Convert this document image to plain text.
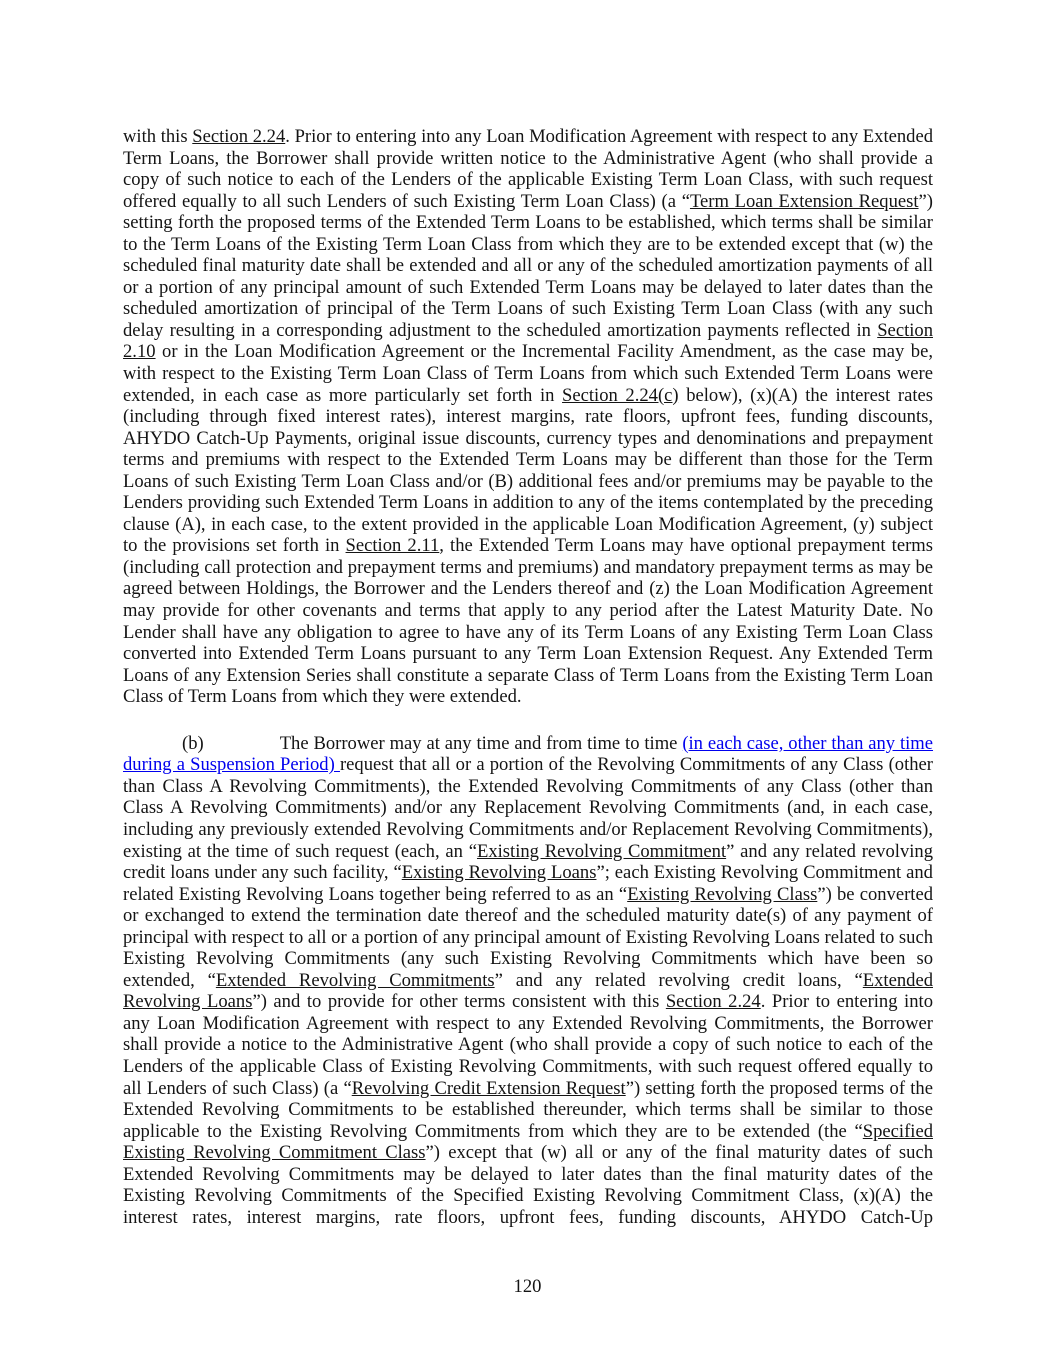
with this Section 2.24. Prior to entering into any Loan Modification Agreement with respect to any Extended Term Loans, the Borrower shall provide written notice to the Administrative Agent (who shall provide a copy of such notice to each of the Lenders of the applicable Existing Term Loan Class, with such request offered equally to all such Lenders of such Existing Term Loan Class) (a “Term Loan Extension Request”) setting forth the proposed terms of the Extended Term Loans to be established, which terms shall be similar to the Term Loans of the Existing Term Loan Class from which they are to be extended except that (w) the scheduled final maturity date shall be extended and all or any of the scheduled amortization payments of all or a portion of any principal amount of such Extended Term Loans may be delayed to later dates than the scheduled amortization of principal of the Term Loans of such Existing Term Loan Class (with any such delay resulting in a corresponding adjustment to the scheduled amortization payments reflected in Section 2.10 or in the Loan Modification Agreement or the Incremental Facility Amendment, as the case may be, with respect to the Existing Term Loan Class of Term Loans from which such Extended Term Loans were extended, in each case as more particularly set forth in Section 2.24(c) below), (x)(A) the interest rates (including through fixed interest rates), interest margins, rate floors, upfront fees, funding discounts, AHYDO Catch-Up Payments, original issue discounts, currency types and denominations and prepayment terms and premiums with respect to the Extended Term Loans may be different than those for the Term Loans of such Existing Term Loan Class and/or (B) additional fees and/or premiums may be payable to the Lenders providing such Extended Term Loans in addition to any of the items contemplated by the preceding clause (A), in each case, to the extent provided in the applicable Loan Modification Agreement, (y) subject to the provisions set forth in Section 2.11, the Extended Term Loans may have optional prepayment terms (including call protection and prepayment terms and premiums) and mandatory prepayment terms as may be agreed between Holdings, the Borrower and the Lenders thereof and (z) the Loan Modification Agreement may provide for other covenants and terms that apply to any period after the Latest Maturity Date. No Lender shall have any obligation to agree to have any of its Term Loans of any Existing Term Loan Class converted into Extended Term Loans pursuant to any Term Loan Extension Request. Any Extended Term Loans of any Extension Series shall constitute a separate Class of Term Loans from the Existing Term Loan Class of Term Loans from which they were extended.

(b)	The Borrower may at any time and from time to time (in each case, other than any time during a Suspension Period) request that all or a portion of the Revolving Commitments of any Class (other than Class A Revolving Commitments), the Extended Revolving Commitments of any Class (other than Class A Revolving Commitments) and/or any Replacement Revolving Commitments (and, in each case, including any previously extended Revolving Commitments and/or Replacement Revolving Commitments), existing at the time of such request (each, an “Existing Revolving Commitment” and any related revolving credit loans under any such facility, “Existing Revolving Loans”; each Existing Revolving Commitment and related Existing Revolving Loans together being referred to as an “Existing Revolving Class”) be converted or exchanged to extend the termination date thereof and the scheduled maturity date(s) of any payment of principal with respect to all or a portion of any principal amount of Existing Revolving Loans related to such Existing Revolving Commitments (any such Existing Revolving Commitments which have been so extended, “Extended Revolving Commitments” and any related revolving credit loans, “Extended Revolving Loans”) and to provide for other terms consistent with this Section 2.24. Prior to entering into any Loan Modification Agreement with respect to any Extended Revolving Commitments, the Borrower shall provide a notice to the Administrative Agent (who shall provide a copy of such notice to each of the Lenders of the applicable Class of Existing Revolving Commitments, with such request offered equally to all Lenders of such Class) (a “Revolving Credit Extension Request”) setting forth the proposed terms of the Extended Revolving Commitments to be established thereunder, which terms shall be similar to those applicable to the Existing Revolving Commitments from which they are to be extended (the “Specified Existing Revolving Commitment Class”) except that (w) all or any of the final maturity dates of such Extended Revolving Commitments may be delayed to later dates than the final maturity dates of the Existing Revolving Commitments of the Specified Existing Revolving Commitment Class, (x)(A) the interest rates, interest margins, rate floors, upfront fees, funding discounts, AHYDO Catch-Up

120
